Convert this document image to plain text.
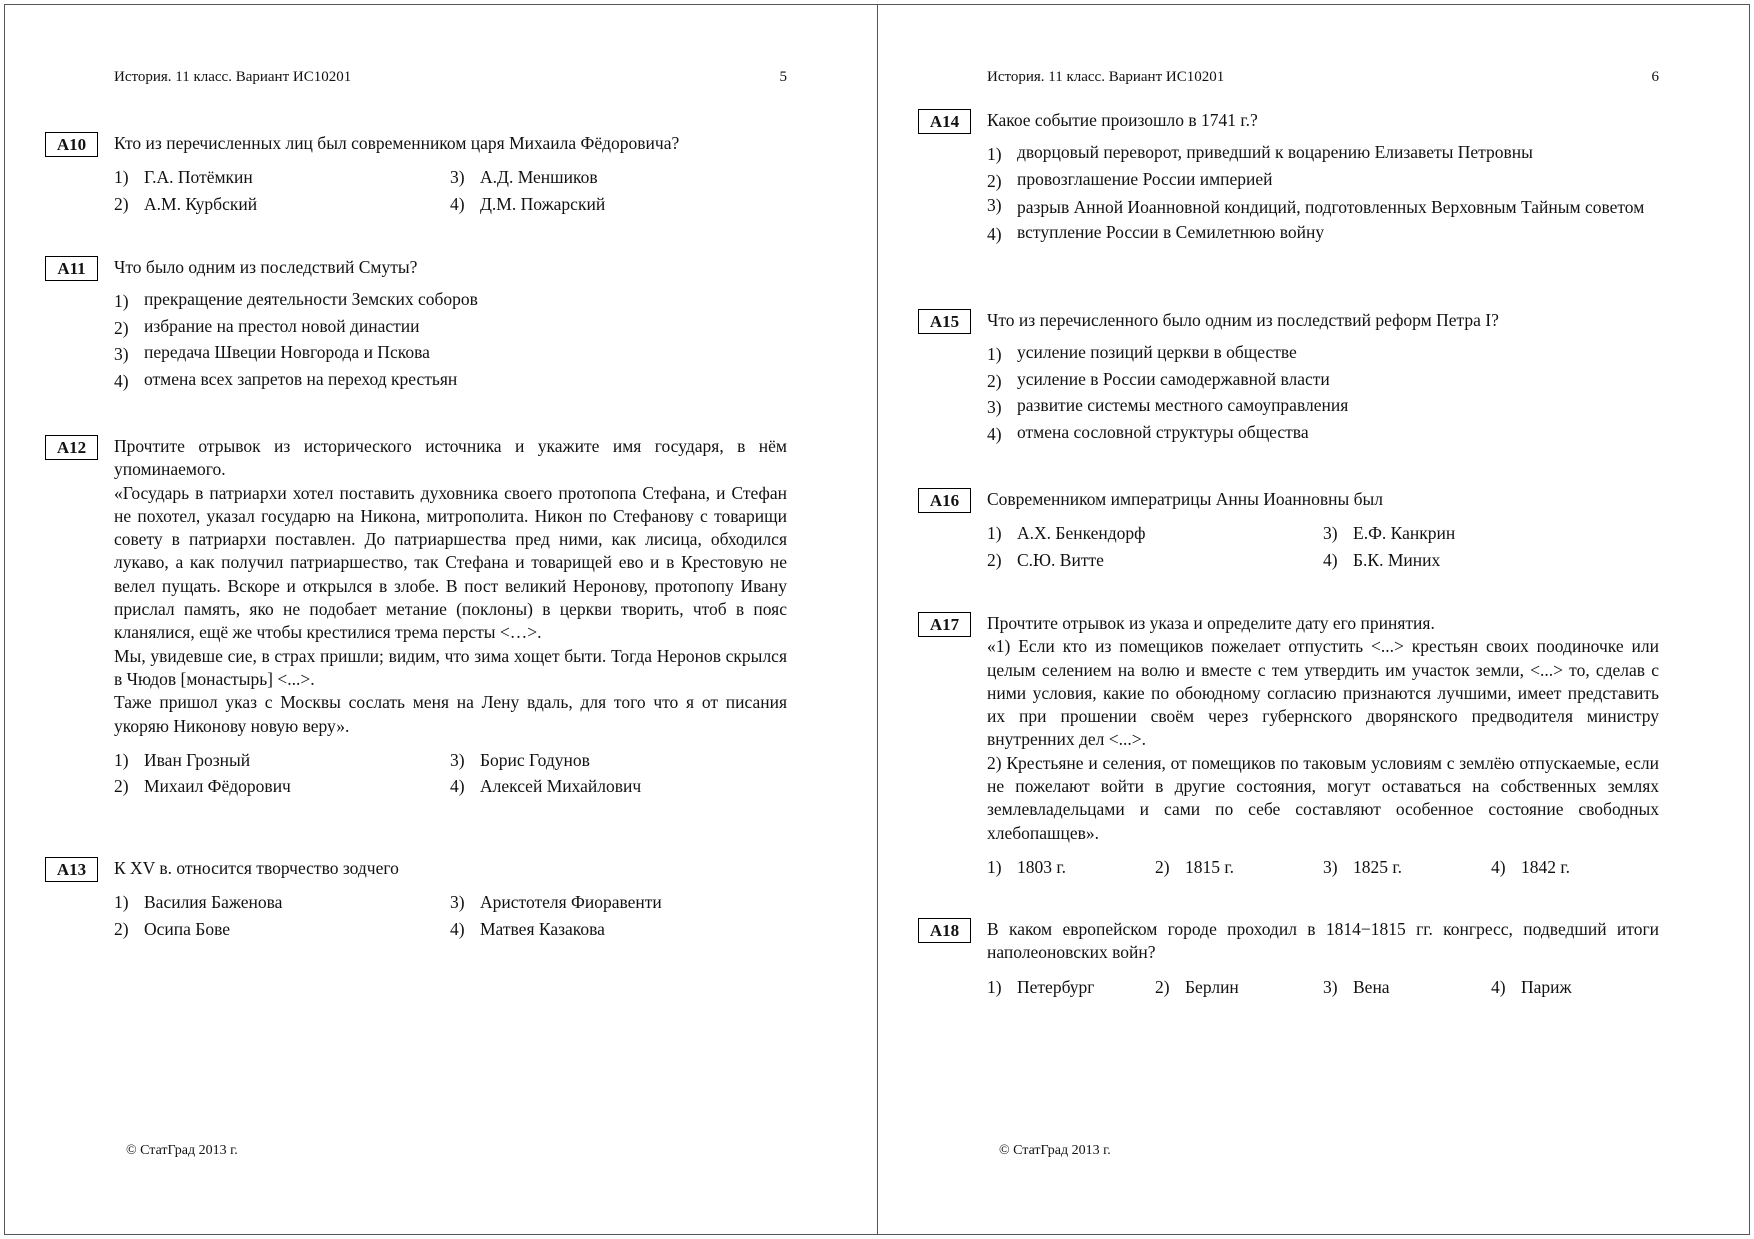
История. 11 класс. Вариант ИС10201	5
A10	Кто из перечисленных лиц был современником царя Михаила Фёдоровича?
1) Г.А. Потёмкин	3) А.Д. Меншиков
2) А.М. Курбский	4) Д.М. Пожарский
A11	Что было одним из последствий Смуты?
1) прекращение деятельности Земских соборов
2) избрание на престол новой династии
3) передача Швеции Новгорода и Пскова
4) отмена всех запретов на переход крестьян
A12	Прочтите отрывок из исторического источника и укажите имя государя, в нём упоминаемого.
«Государь в патриархи хотел поставить духовника своего протопопа Стефана, и Стефан не похотел, указал государю на Никона, митрополита. Никон по Стефанову с товарищи совету в патриархи поставлен. До патриаршества пред ними, как лисица, обходился лукаво, а как получил патриаршество, так Стефана и товарищей ево и в Крестовую не велел пущать. Вскоре и открылся в злобе. В пост великий Неронову, протопопу Ивану прислал память, яко не подобает метание (поклоны) в церкви творить, чтоб в пояс кланялися, ещё же чтобы крестилися трема персты <…>.
Мы, увидевше сие, в страх пришли; видим, что зима хощет быти. Тогда Неронов скрылся в Чюдов [монастырь] <...>.
Таже пришол указ с Москвы сослать меня на Лену вдаль, для того что я от писания укоряю Никонову новую веру».
1) Иван Грозный	3) Борис Годунов
2) Михаил Фёдорович	4) Алексей Михайлович
A13	К XV в. относится творчество зодчего
1) Василия Баженова	3) Аристотеля Фиоравенти
2) Осипа Бове	4) Матвея Казакова
© СтатГрад 2013 г.
История. 11 класс. Вариант ИС10201	6
A14	Какое событие произошло в 1741 г.?
1) дворцовый переворот, приведший к воцарению Елизаветы Петровны
2) провозглашение России империей
3) разрыв Анной Иоанновной кондиций, подготовленных Верховным Тайным советом
4) вступление России в Семилетнюю войну
A15	Что из перечисленного было одним из последствий реформ Петра I?
1) усиление позиций церкви в обществе
2) усиление в России самодержавной власти
3) развитие системы местного самоуправления
4) отмена сословной структуры общества
A16	Современником императрицы Анны Иоанновны был
1) А.Х. Бенкендорф	3) Е.Ф. Канкрин
2) С.Ю. Витте	4) Б.К. Миних
A17	Прочтите отрывок из указа и определите дату его принятия.
«1) Если кто из помещиков пожелает отпустить <...> крестьян своих поодиночке или целым селением на волю и вместе с тем утвердить им участок земли, <...> то, сделав с ними условия, какие по обоюдному согласию признаются лучшими, имеет представить их при прошении своём через губернского дворянского предводителя министру внутренних дел <...>.
2) Крестьяне и селения, от помещиков по таковым условиям с землёю отпускаемые, если не пожелают войти в другие состояния, могут оставаться на собственных землях землевладельцами и сами по себе составляют особенное состояние свободных хлебопашцев».
1) 1803 г.	2) 1815 г.	3) 1825 г.	4) 1842 г.
A18	В каком европейском городе проходил в 1814−1815 гг. конгресс, подведший итоги наполеоновских войн?
1) Петербург	2) Берлин	3) Вена	4) Париж
© СтатГрад 2013 г.
